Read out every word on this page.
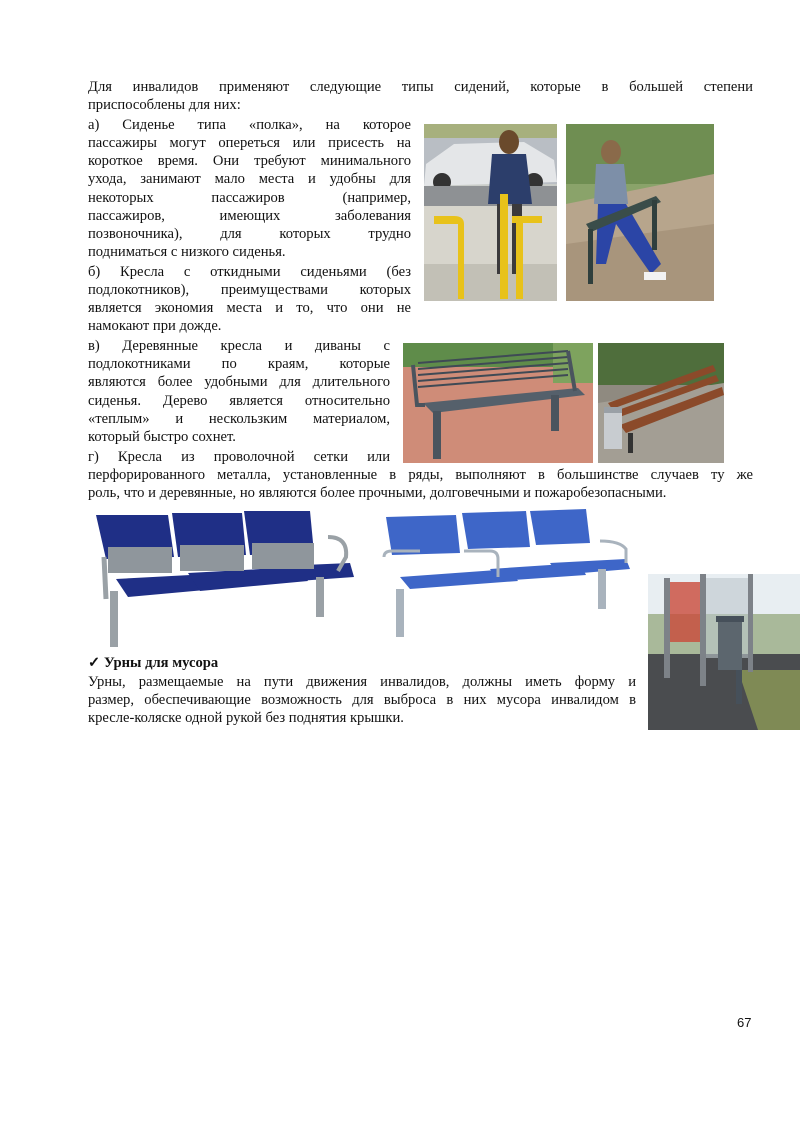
Для инвалидов применяют следующие типы сидений, которые в большей степени
приспособлены для них:
а) Сиденье типа «полка», на которое
пассажиры могут опереться или присесть на
короткое время. Они требуют минимального
ухода, занимают мало места и удобны для
некоторых пассажиров (например,
пассажиров, имеющих заболевания
позвоночника), для которых трудно
подниматься с низкого сиденья.
б) Кресла с откидными сиденьями (без
подлокотников), преимуществами которых
является экономия места и то, что они не
намокают при дожде.
в) Деревянные кресла и диваны с
подлокотниками по краям, которые
являются более удобными для длительного
сиденья. Дерево является относительно
«теплым» и нескользким материалом,
который быстро сохнет.
г) Кресла из проволочной сетки или
перфорированного металла, установленные в ряды, выполняют в большинстве случаев ту же
роль, что и деревянные, но являются более прочными, долговечными и пожаробезопасными.
✓ Урны для мусора
Урны, размещаемые на пути движения инвалидов, должны иметь форму и
размер, обеспечивающие возможность для выброса в них мусора инвалидом в
кресле-коляске одной рукой без поднятия крышки.
67
